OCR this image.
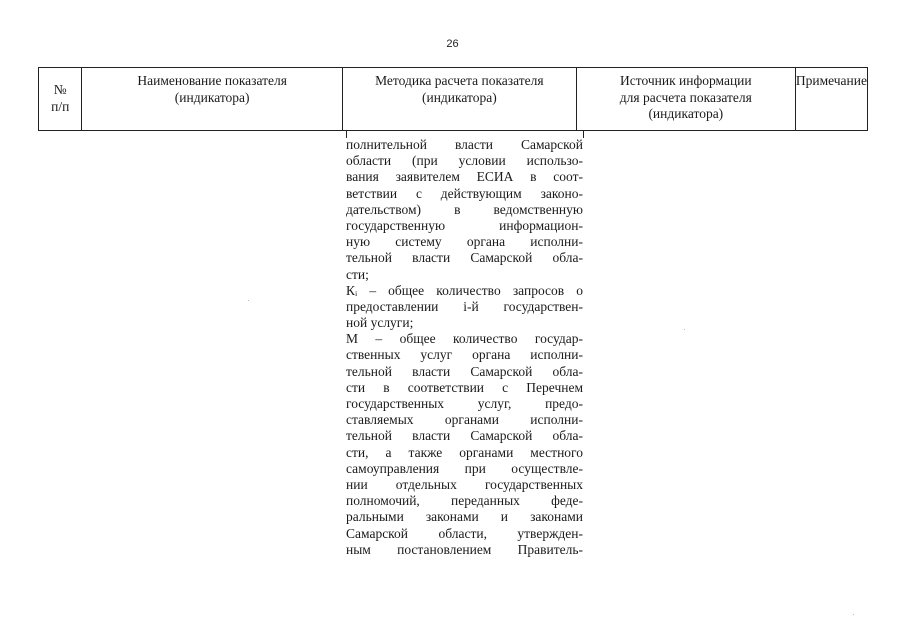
26
№
п/п
Наименование показателя
(индикатора)
Методика расчета показателя
(индикатора)
Источник информации
для расчета показателя
(индикатора)
Примечание
полнительной власти Самарской
области (при условии использо-
вания заявителем ЕСИА в соот-
ветствии с действующим законо-
дательством) в ведомственную
государственную информацион-
ную систему органа исполни-
тельной власти Самарской обла-
сти;
Кᵢ – общее количество запросов о
предоставлении i-й государствен-
ной услуги;
М – общее количество государ-
ственных услуг органа исполни-
тельной власти Самарской обла-
сти в соответствии с Перечнем
государственных услуг, предо-
ставляемых органами исполни-
тельной власти Самарской обла-
сти, а также органами местного
самоуправления при осуществле-
нии отдельных государственных
полномочий, переданных феде-
ральными законами и законами
Самарской области, утвержден-
ным постановлением Правитель-
